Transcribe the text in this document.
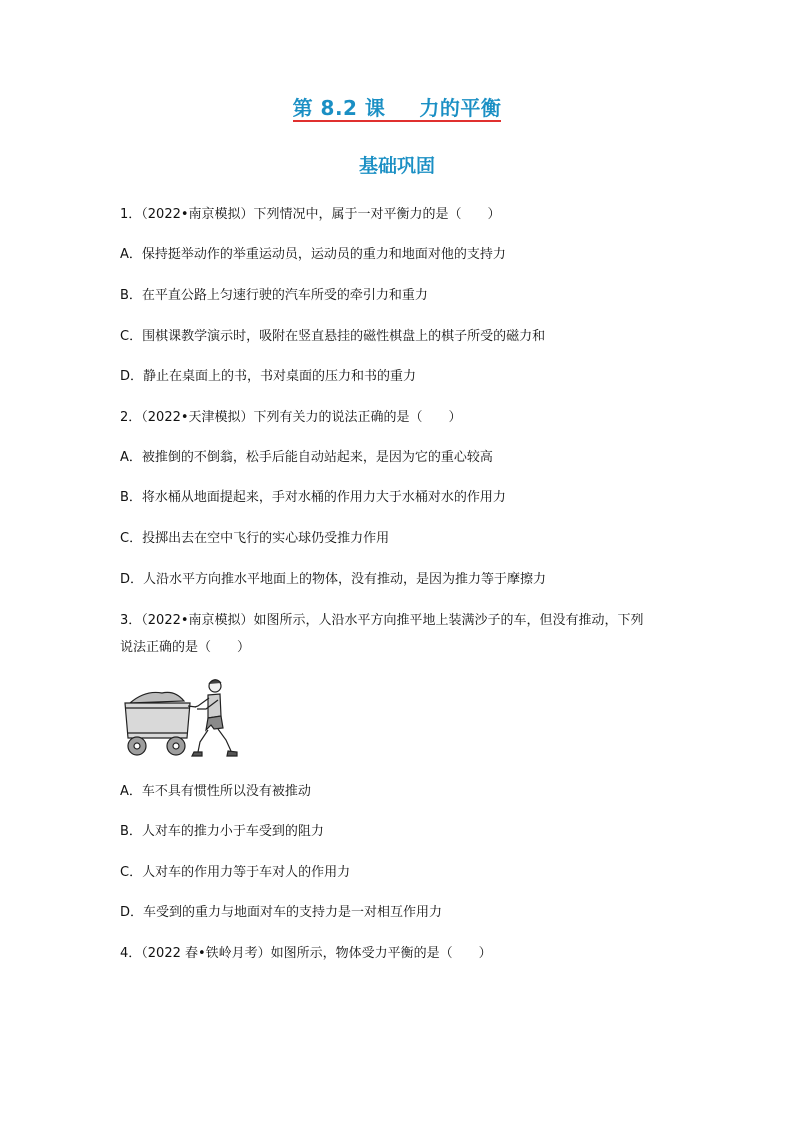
第 8.2 课 力的平衡
基础巩固
1．（2022•南京模拟）下列情况中，属于一对平衡力的是（　　）
A．保持挺举动作的举重运动员，运动员的重力和地面对他的支持力
B．在平直公路上匀速行驶的汽车所受的牵引力和重力
C．围棋课教学演示时，吸附在竖直悬挂的磁性棋盘上的棋子所受的磁力和
D．静止在桌面上的书，书对桌面的压力和书的重力
2．（2022•天津模拟）下列有关力的说法正确的是（　　）
A．被推倒的不倒翁，松手后能自动站起来，是因为它的重心较高
B．将水桶从地面提起来，手对水桶的作用力大于水桶对水的作用力
C．投掷出去在空中飞行的实心球仍受推力作用
D．人沿水平方向推水平地面上的物体，没有推动，是因为推力等于摩擦力
3．（2022•南京模拟）如图所示，人沿水平方向推平地上装满沙子的车，但没有推动，下列
说法正确的是（　　）
A．车不具有惯性所以没有被推动
B．人对车的推力小于车受到的阻力
C．人对车的作用力等于车对人的作用力
D．车受到的重力与地面对车的支持力是一对相互作用力
4．（2022 春•铁岭月考）如图所示，物体受力平衡的是（　　）
